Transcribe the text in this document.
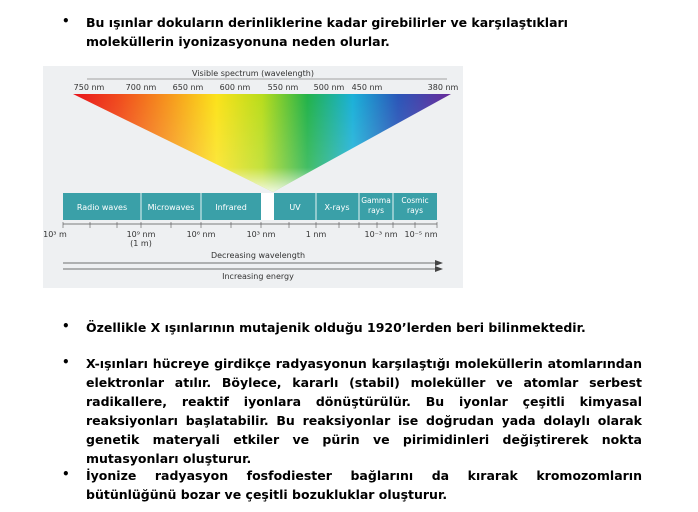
• Bu ışınlar dokuların derinliklerine kadar girebilirler ve karşılaştıkları moleküllerin iyonizasyonuna neden olurlar.
Visible spectrum (wavelength)
750 nm	700 nm 650 nm 600 nm 550 nm 500 nm 450 nm	380 nm
Radio waves	Microwaves	Infrared	UV	X-rays
Gamma rays
Cosmic rays
10³ m	10⁹ nm
(1 m)
10⁶ nm	10³ nm	1 nm	10⁻³ nm 10⁻⁵ nm
Decreasing wavelength
Increasing energy
• Özellikle X ışınlarının mutajenik olduğu 1920’lerden beri bilinmektedir.
• X-ışınları hücreye girdikçe radyasyonun karşılaştığı moleküllerin atomlarından elektronlar atılır. Böylece, kararlı (stabil) moleküller ve atomlar serbest radikallere, reaktif iyonlara dönüştürülür. Bu iyonlar çeşitli kimyasal reaksiyonları başlatabilir. Bu reaksiyonlar ise doğrudan yada dolaylı olarak genetik materyali etkiler ve pürin ve pirimidinleri değiştirerek nokta mutasyonları oluşturur.
• İyonize radyasyon fosfodiester bağlarını da kırarak kromozomların bütünlüğünü bozar ve çeşitli bozukluklar oluşturur.
